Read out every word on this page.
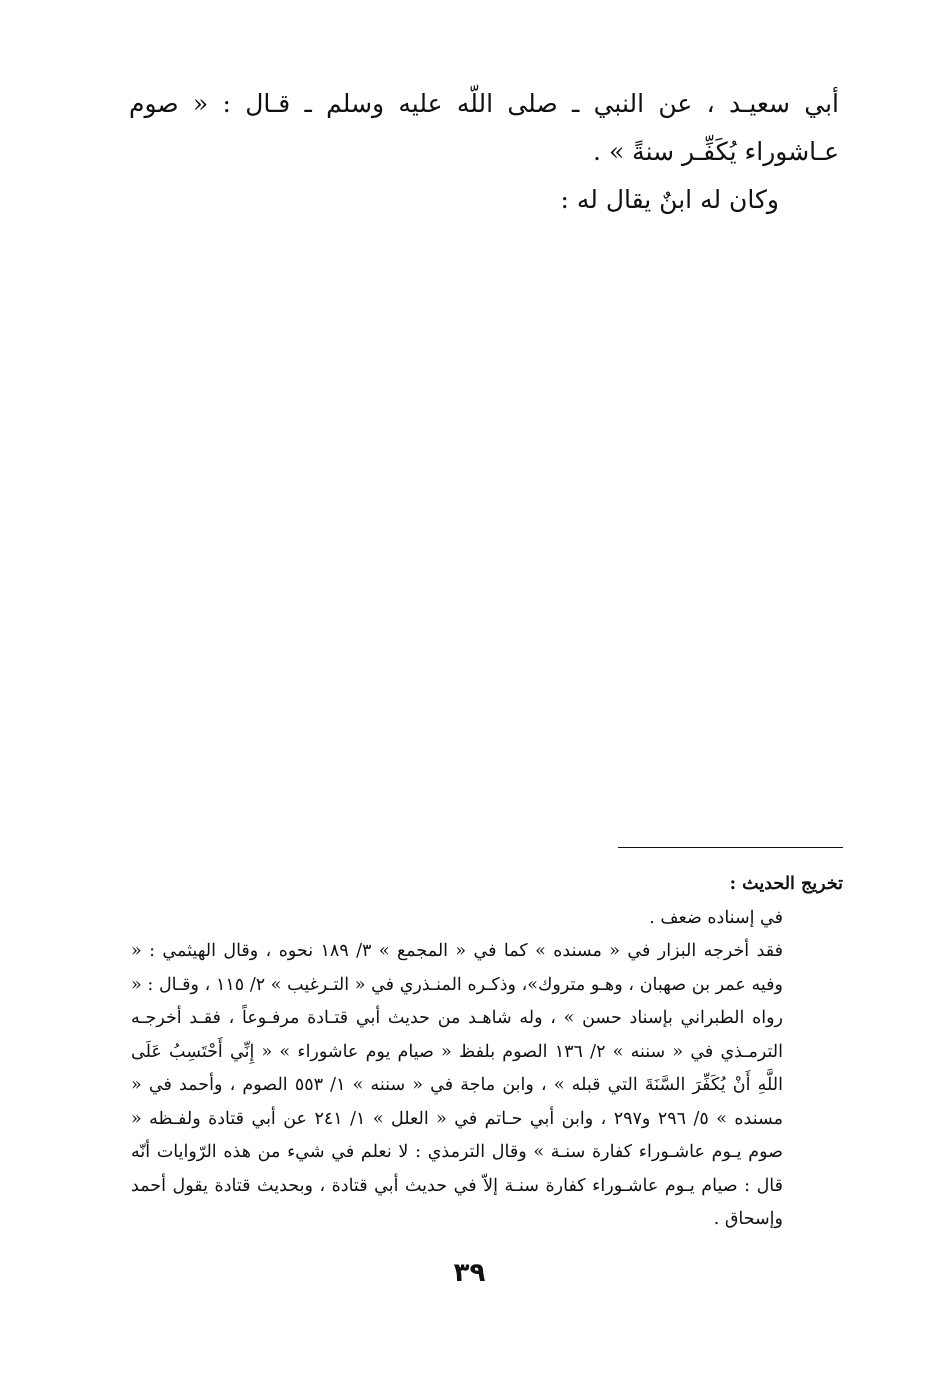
أبي سعيـد ، عن النبي ـ صلى اللّه عليه وسلم ـ قـال : « صوم عـاشوراء يُكَفِّـر سنةً » .

وكان له ابنٌ يقال له :

تخريج الحديث :

في إسناده ضعف .

فقد أخرجه البزار في « مسنده » كما في « المجمع » ٣/ ١٨٩ نحوه ، وقال الهيثمي : « وفيه عمر بن صهبان ، وهـو متروك»، وذكـره المنـذري في « التـرغيب » ٢/ ١١٥ ، وقـال : « رواه الطبراني بإسناد حسن » ، وله شاهـد من حديث أبي قتـادة مرفـوعاً ، فقـد أخرجـه الترمـذي في « سننه » ٢/ ١٣٦ الصوم بلفظ « صيام يوم عاشوراء » « إِنِّي أَحْتَسِبُ عَلَى اللَّهِ أَنْ يُكَفِّرَ السَّنَةَ التي قبله » ، وابن ماجة في « سننه » ١/ ٥٥٣ الصوم ، وأحمد في « مسنده » ٥/ ٢٩٦ و٢٩٧ ، وابن أبي حـاتم في « العلل » ١/ ٢٤١ عن أبي قتادة ولفـظه « صوم يـوم عاشـوراء كفارة سنـة » وقال الترمذي : لا نعلم في شيء من هذه الرّوايات أنّه قال : صيام يـوم عاشـوراء كفارة سنـة إلاّ في حديث أبي قتادة ، وبحديث قتادة يقول أحمد وإسحاق .

٣٩
